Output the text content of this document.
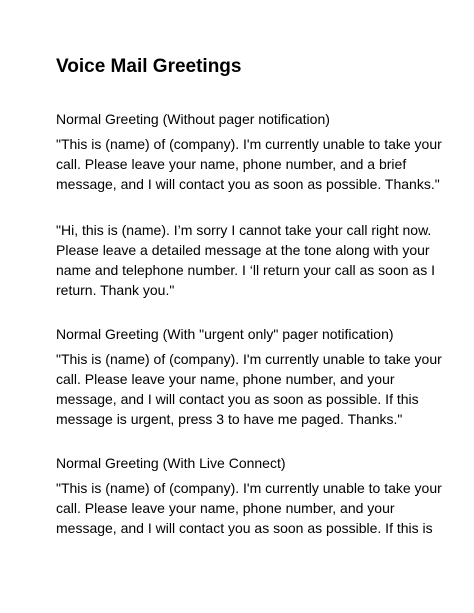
Voice Mail Greetings
Normal Greeting (Without pager notification)
"This is (name) of (company). I'm currently unable to take your
call. Please leave your name, phone number, and a brief
message, and I will contact you as soon as possible. Thanks."
"Hi, this is (name). I’m sorry I cannot take your call right now.
Please leave a detailed message at the tone along with your
name and telephone number. I ‘ll return your call as soon as I
return. Thank you."
Normal Greeting (With "urgent only" pager notification)
"This is (name) of (company). I'm currently unable to take your
call. Please leave your name, phone number, and your
message, and I will contact you as soon as possible. If this
message is urgent, press 3 to have me paged. Thanks."
Normal Greeting (With Live Connect)
"This is (name) of (company). I'm currently unable to take your
call. Please leave your name, phone number, and your
message, and I will contact you as soon as possible. If this is
